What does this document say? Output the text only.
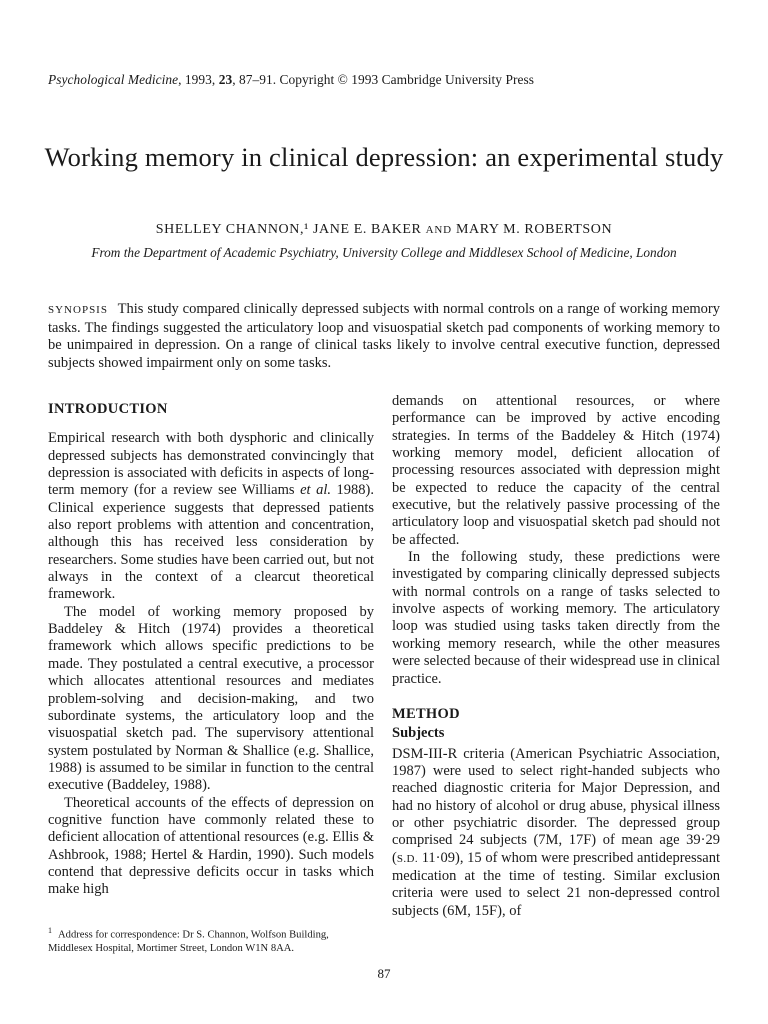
Psychological Medicine, 1993, 23, 87–91. Copyright © 1993 Cambridge University Press
Working memory in clinical depression: an experimental study
SHELLEY CHANNON,¹ JANE E. BAKER AND MARY M. ROBERTSON
From the Department of Academic Psychiatry, University College and Middlesex School of Medicine, London
SYNOPSIS This study compared clinically depressed subjects with normal controls on a range of working memory tasks. The findings suggested the articulatory loop and visuospatial sketch pad components of working memory to be unimpaired in depression. On a range of clinical tasks likely to involve central executive function, depressed subjects showed impairment only on some tasks.
INTRODUCTION

Empirical research with both dysphoric and clinically depressed subjects has demonstrated convincingly that depression is associated with deficits in aspects of long-term memory (for a review see Williams et al. 1988). Clinical experience suggests that depressed patients also report problems with attention and concentration, although this has received less consideration by researchers. Some studies have been carried out, but not always in the context of a clearcut theoretical framework.

The model of working memory proposed by Baddeley & Hitch (1974) provides a theoretical framework which allows specific predictions to be made. They postulated a central executive, a processor which allocates attentional resources and mediates problem-solving and decision-making, and two subordinate systems, the articulatory loop and the visuospatial sketch pad. The supervisory attentional system postulated by Norman & Shallice (e.g. Shallice, 1988) is assumed to be similar in function to the central executive (Baddeley, 1988).

Theoretical accounts of the effects of depression on cognitive function have commonly related these to deficient allocation of attentional resources (e.g. Ellis & Ashbrook, 1988; Hertel & Hardin, 1990). Such models contend that depressive deficits occur in tasks which make high

demands on attentional resources, or where performance can be improved by active encoding strategies. In terms of the Baddeley & Hitch (1974) working memory model, deficient allocation of processing resources associated with depression might be expected to reduce the capacity of the central executive, but the relatively passive processing of the articulatory loop and visuospatial sketch pad should not be affected.

In the following study, these predictions were investigated by comparing clinically depressed subjects with normal controls on a range of tasks selected to involve aspects of working memory. The articulatory loop was studied using tasks taken directly from the working memory research, while the other measures were selected because of their widespread use in clinical practice.

METHOD
Subjects

DSM-III-R criteria (American Psychiatric Association, 1987) were used to select right-handed subjects who reached diagnostic criteria for Major Depression, and had no history of alcohol or drug abuse, physical illness or other psychiatric disorder. The depressed group comprised 24 subjects (7M, 17F) of mean age 39·29 (S.D. 11·09), 15 of whom were prescribed antidepressant medication at the time of testing. Similar exclusion criteria were used to select 21 non-depressed control subjects (6M, 15F), of

$^1$ Address for correspondence: Dr S. Channon, Wolfson Building, Middlesex Hospital, Mortimer Street, London W1N 8AA.
87
